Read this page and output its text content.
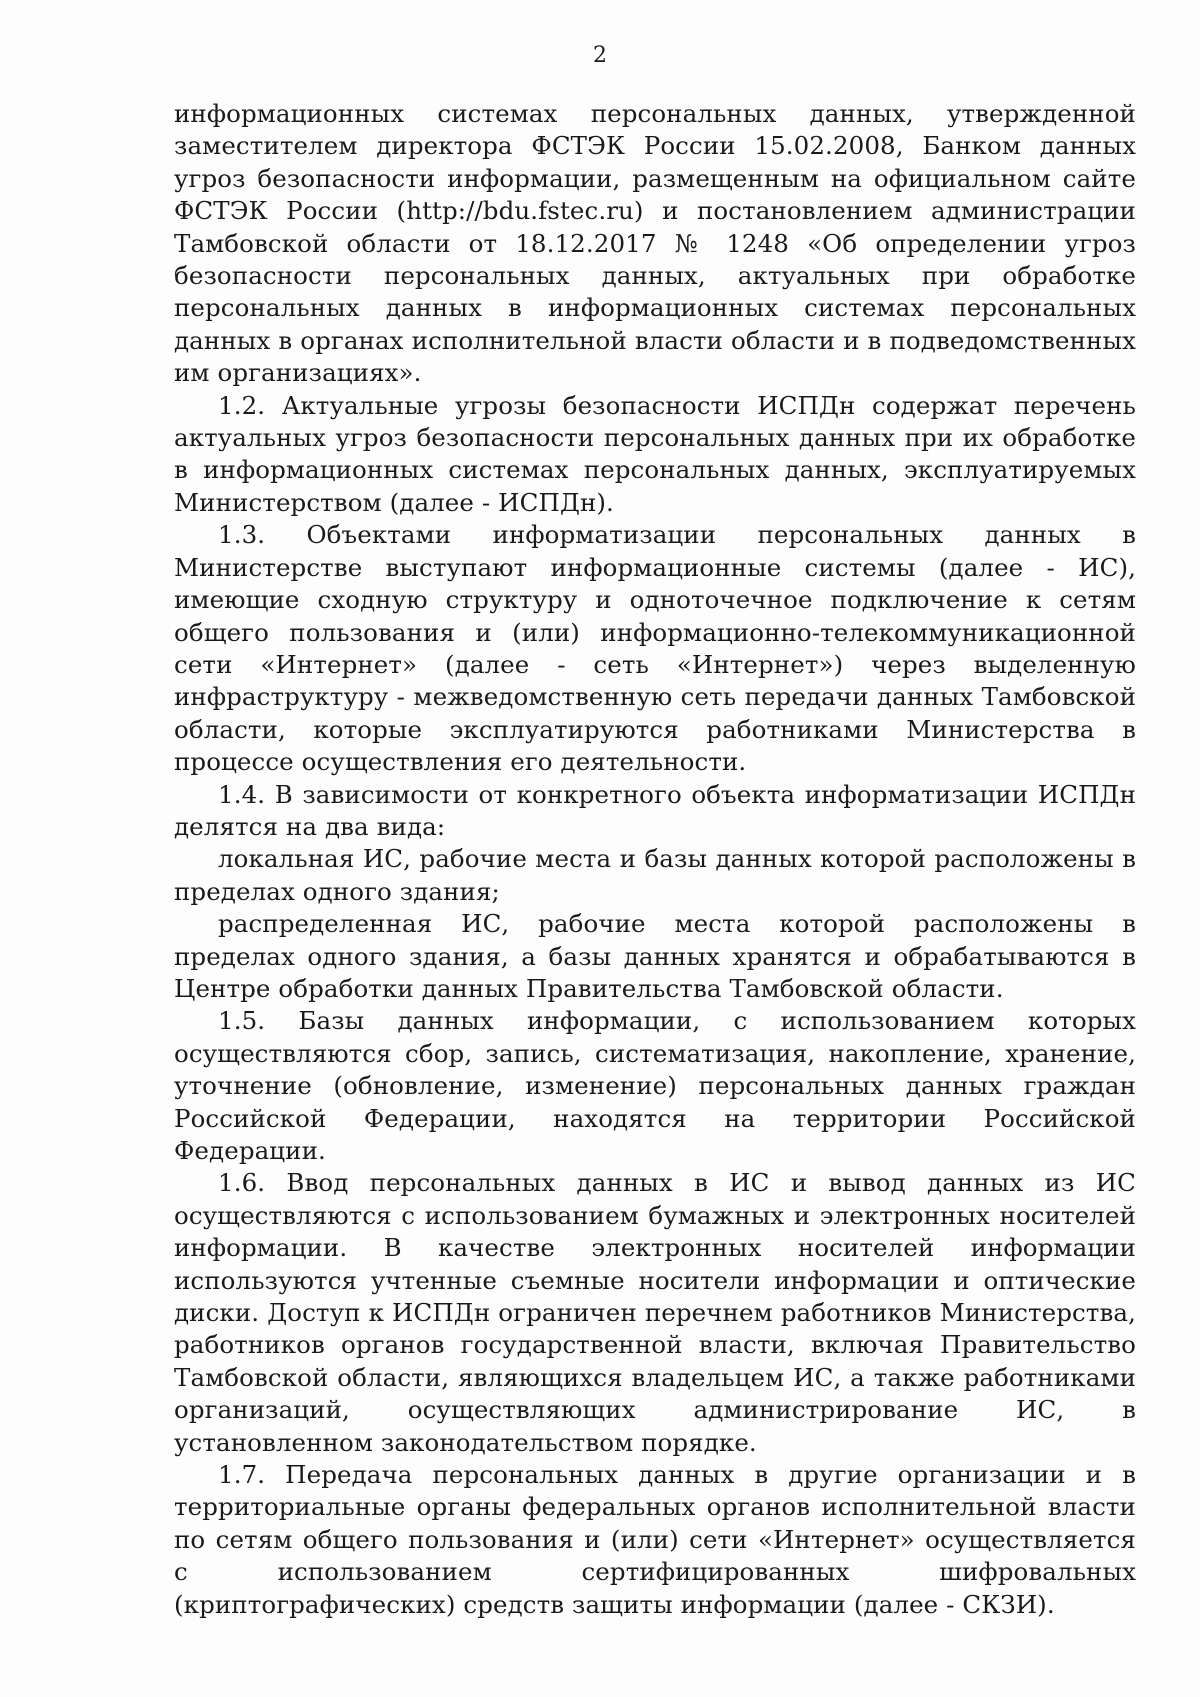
2

информационных системах персональных данных, утвержденной заместителем директора ФСТЭК России 15.02.2008, Банком данных угроз безопасности информации, размещенным на официальном сайте ФСТЭК России (http://bdu.fstec.ru) и постановлением администрации Тамбовской области от 18.12.2017 № 1248 «Об определении угроз безопасности персональных данных, актуальных при обработке персональных данных в информационных системах персональных данных в органах исполнительной власти области и в подведомственных им организациях».

1.2. Актуальные угрозы безопасности ИСПДн содержат перечень актуальных угроз безопасности персональных данных при их обработке в информационных системах персональных данных, эксплуатируемых Министерством (далее - ИСПДн).

1.3. Объектами информатизации персональных данных в Министерстве выступают информационные системы (далее - ИС), имеющие сходную структуру и одноточечное подключение к сетям общего пользования и (или) информационно-телекоммуникационной сети «Интернет» (далее - сеть «Интернет») через выделенную инфраструктуру - межведомственную сеть передачи данных Тамбовской области, которые эксплуатируются работниками Министерства в процессе осуществления его деятельности.

1.4. В зависимости от конкретного объекта информатизации ИСПДн делятся на два вида:

локальная ИС, рабочие места и базы данных которой расположены в пределах одного здания;

распределенная ИС, рабочие места которой расположены в пределах одного здания, а базы данных хранятся и обрабатываются в Центре обработки данных Правительства Тамбовской области.

1.5. Базы данных информации, с использованием которых осуществляются сбор, запись, систематизация, накопление, хранение, уточнение (обновление, изменение) персональных данных граждан Российской Федерации, находятся на территории Российской Федерации.

1.6. Ввод персональных данных в ИС и вывод данных из ИС осуществляются с использованием бумажных и электронных носителей информации. В качестве электронных носителей информации используются учтенные съемные носители информации и оптические диски. Доступ к ИСПДн ограничен перечнем работников Министерства, работников органов государственной власти, включая Правительство Тамбовской области, являющихся владельцем ИС, а также работниками организаций, осуществляющих администрирование ИС, в установленном законодательством порядке.

1.7. Передача персональных данных в другие организации и в территориальные органы федеральных органов исполнительной власти по сетям общего пользования и (или) сети «Интернет» осуществляется с использованием сертифицированных шифровальных (криптографических) средств защиты информации (далее - СКЗИ).
